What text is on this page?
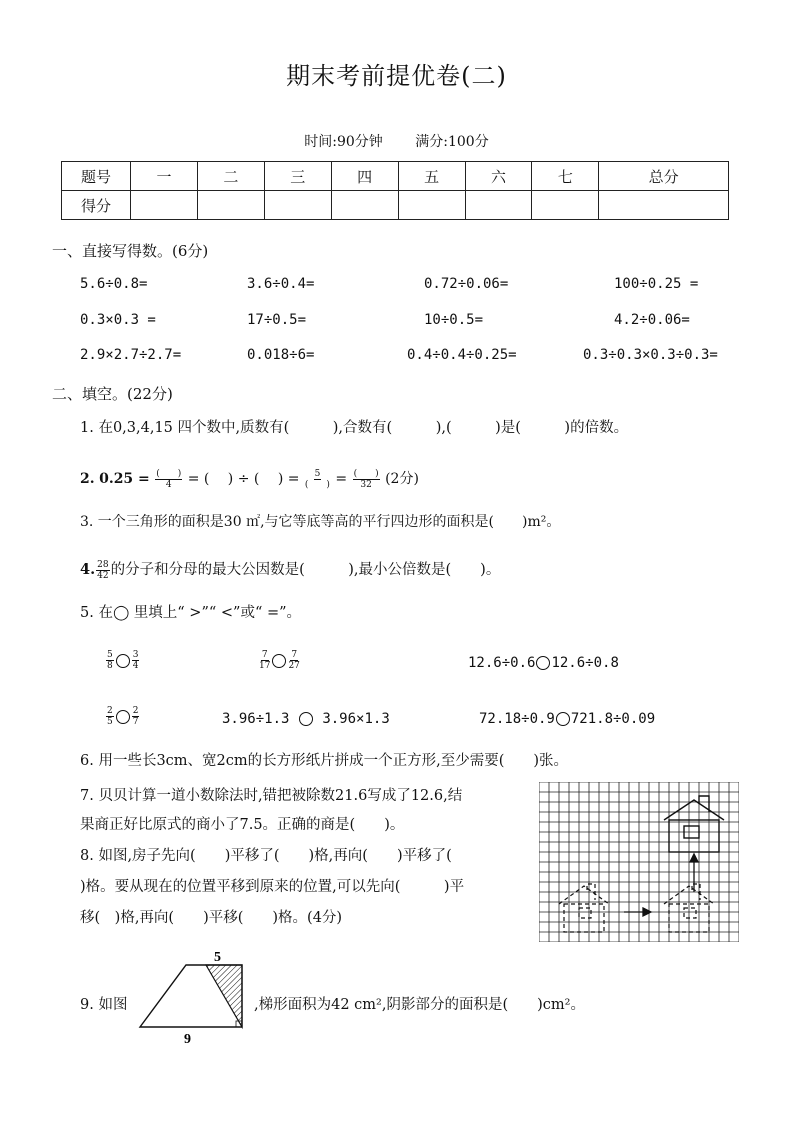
期末考前提优卷(二)
时间:90分钟 满分:100分
题号	一	二	三	四	五	六	七	总分
得分								
一、直接写得数。(6分)
5.6÷0.8=	3.6÷0.4=	0.72÷0.06=	100÷0.25 =
0.3×0.3 =	17÷0.5=	10÷0.5=	4.2÷0.06=
2.9×2.7÷2.7=	0.018÷6=	0.4÷0.4÷0.25=	0.3÷0.3×0.3÷0.3=
二、填空。(22分)
1. 在0,3,4,15 四个数中,质数有(　　　),合数有(　　　),(　　　)是(　　　)的倍数。
2. $0.25 = \frac{( )}{4}$ = (　 ) ÷ (　 ) = $\frac{5}{( )} = \frac{( )}{32} (2$分)
3. 一个三角形的面积是30 ㎡,与它等底等高的平行四边形的面积是(　　)m²。
4. $\frac{28}{42}$ 的分子和分母的最大公因数是(　　　),最小公倍数是(　　)。
5. 在◯ 里填上“ >”“ <”或“ =”。
$\frac{5}{8} \frac{3}{4}$	$\frac{7}{17} \frac{7}{27}$	12.6÷0.6 12.6÷0.8
$\frac{2}{5} \frac{2}{7}$	3.96÷1.3 3.96×1.3	72.18÷0.9 721.8÷0.09
6. 用一些长3cm、宽2cm的长方形纸片拼成一个正方形,至少需要(　　)张。
7. 贝贝计算一道小数除法时,错把被除数21.6写成了12.6,结
果商正好比原式的商小了7.5。正确的商是(　　)。
8. 如图,房子先向(　　)平移了(　　)格,再向(　　)平移了(
)格。要从现在的位置平移到原来的位置,可以先向(　　　)平
移(　)格,再向(　　)平移(　　)格。(4分)
9. 如图
5
9
,梯形面积为42 cm²,阴影部分的面积是(　　)cm²。
